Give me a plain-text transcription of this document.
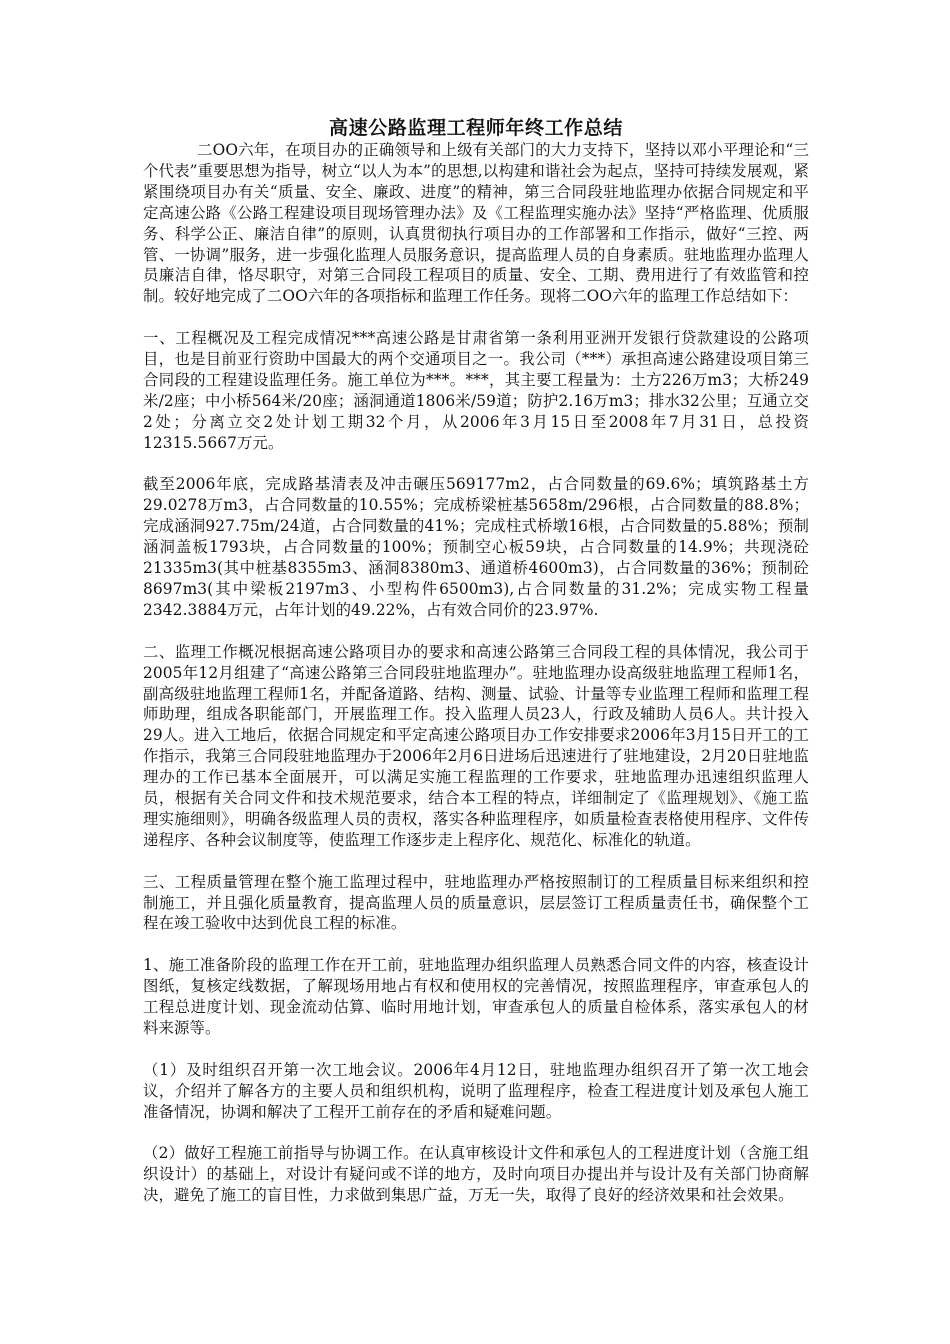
高速公路监理工程师年终工作总结

二OO六年，在项目办的正确领导和上级有关部门的大力支持下，坚持以邓小平理论和“三个代表”重要思想为指导，树立“以人为本”的思想,以构建和谐社会为起点，坚持可持续发展观，紧紧围绕项目办有关“质量、安全、廉政、进度”的精神，第三合同段驻地监理办依据合同规定和平定高速公路《公路工程建设项目现场管理办法》及《工程监理实施办法》坚持“严格监理、优质服务、科学公正、廉洁自律”的原则，认真贯彻执行项目办的工作部署和工作指示，做好“三控、两管、一协调”服务，进一步强化监理人员服务意识，提高监理人员的自身素质。驻地监理办监理人员廉洁自律，恪尽职守，对第三合同段工程项目的质量、安全、工期、费用进行了有效监管和控制。较好地完成了二OO六年的各项指标和监理工作任务。现将二OO六年的监理工作总结如下：

一、工程概况及工程完成情况***高速公路是甘肃省第一条利用亚洲开发银行贷款建设的公路项目，也是目前亚行资助中国最大的两个交通项目之一。我公司（***）承担高速公路建设项目第三合同段的工程建设监理任务。施工单位为***。***，其主要工程量为：土方226万m3；大桥249米/2座；中小桥564米/20座；涵洞通道1806米/59道；防护2.16万m3；排水32公里；互通立交2处；分离立交2处计划工期32个月，从2006年3月15日至2008年7月31日，总投资12315.5667万元。

截至2006年底，完成路基清表及冲击碾压569177m2，占合同数量的69.6%；填筑路基土方29.0278万m3，占合同数量的10.55%；完成桥梁桩基5658m/296根，占合同数量的88.8%；完成涵洞927.75m/24道，占合同数量的41%；完成柱式桥墩16根，占合同数量的5.88%；预制涵洞盖板1793块，占合同数量的100%；预制空心板59块，占合同数量的14.9%；共现浇砼21335m3(其中桩基8355m3、涵洞8380m3、通道桥4600m3)，占合同数量的36%；预制砼8697m3(其中梁板2197m3、小型构件6500m3),占合同数量的31.2%；完成实物工程量2342.3884万元，占年计划的49.22%，占有效合同价的23.97%.

二、监理工作概况根据高速公路项目办的要求和高速公路第三合同段工程的具体情况，我公司于2005年12月组建了“高速公路第三合同段驻地监理办”。驻地监理办设高级驻地监理工程师1名，副高级驻地监理工程师1名，并配备道路、结构、测量、试验、计量等专业监理工程师和监理工程师助理，组成各职能部门，开展监理工作。投入监理人员23人，行政及辅助人员6人。共计投入29人。进入工地后，依据合同规定和平定高速公路项目办工作安排要求2006年3月15日开工的工作指示，我第三合同段驻地监理办于2006年2月6日进场后迅速进行了驻地建设，2月20日驻地监理办的工作已基本全面展开，可以满足实施工程监理的工作要求，驻地监理办迅速组织监理人员，根据有关合同文件和技术规范要求，结合本工程的特点，详细制定了《监理规划》、《施工监理实施细则》，明确各级监理人员的责权，落实各种监理程序，如质量检查表格使用程序、文件传递程序、各种会议制度等，使监理工作逐步走上程序化、规范化、标准化的轨道。

三、工程质量管理在整个施工监理过程中，驻地监理办严格按照制订的工程质量目标来组织和控制施工，并且强化质量教育，提高监理人员的质量意识，层层签订工程质量责任书，确保整个工程在竣工验收中达到优良工程的标准。

1、施工准备阶段的监理工作在开工前，驻地监理办组织监理人员熟悉合同文件的内容，核查设计图纸，复核定线数据，了解现场用地占有权和使用权的完善情况，按照监理程序，审查承包人的工程总进度计划、现金流动估算、临时用地计划，审查承包人的质量自检体系，落实承包人的材料来源等。

（1）及时组织召开第一次工地会议。2006年4月12日，驻地监理办组织召开了第一次工地会议，介绍并了解各方的主要人员和组织机构，说明了监理程序，检查工程进度计划及承包人施工准备情况，协调和解决了工程开工前存在的矛盾和疑难问题。

（2）做好工程施工前指导与协调工作。在认真审核设计文件和承包人的工程进度计划（含施工组织设计）的基础上，对设计有疑问或不详的地方，及时向项目办提出并与设计及有关部门协商解决，避免了施工的盲目性，力求做到集思广益，万无一失，取得了良好的经济效果和社会效果。
